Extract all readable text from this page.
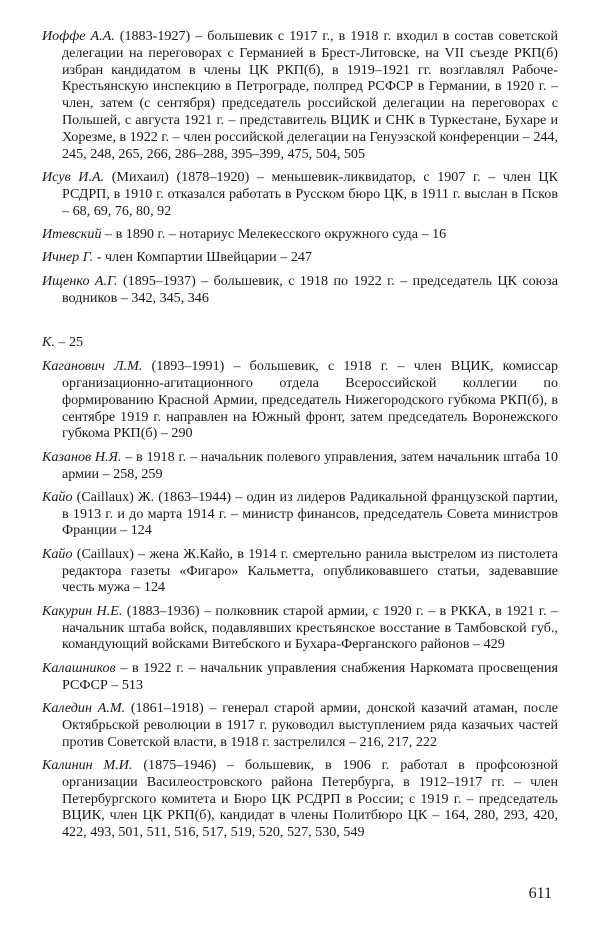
Иоффе А.А. (1883-1927) – большевик с 1917 г., в 1918 г. входил в состав советской делегации на переговорах с Германией в Брест-Литовске, на VII съезде РКП(б) избран кандидатом в члены ЦК РКП(б), в 1919–1921 гг. возглавлял Рабоче-Крестьянскую инспекцию в Петрограде, полпред РСФСР в Германии, в 1920 г. – член, затем (с сентября) председатель российской делегации на переговорах с Польшей, с августа 1921 г. – представитель ВЦИК и СНК в Туркестане, Бухаре и Хорезме, в 1922 г. – член российской делегации на Генуэзской конференции – 244, 245, 248, 265, 266, 286–288, 395–399, 475, 504, 505

Исув И.А. (Михаил) (1878–1920) – меньшевик-ликвидатор, с 1907 г. – член ЦК РСДРП, в 1910 г. отказался работать в Русском бюро ЦК, в 1911 г. выслан в Псков – 68, 69, 76, 80, 92

Итевский – в 1890 г. – нотариус Мелекесского окружного суда – 16

Ичнер Г. - член Компартии Швейцарии – 247

Ищенко А.Г. (1895–1937) – большевик, с 1918 по 1922 г. – председатель ЦК союза водников – 342, 345, 346

К. – 25

Каганович Л.М. (1893–1991) – большевик, с 1918 г. – член ВЦИК, комиссар организационно-агитационного отдела Всероссийской коллегии по формированию Красной Армии, председатель Нижегородского губкома РКП(б), в сентябре 1919 г. направлен на Южный фронт, затем председатель Воронежского губкома РКП(б) – 290

Казанов Н.Я. – в 1918 г. – начальник полевого управления, затем начальник штаба 10 армии – 258, 259

Кайо (Caillaux) Ж. (1863–1944) – один из лидеров Радикальной французской партии, в 1913 г. и до марта 1914 г. – министр финансов, председатель Совета министров Франции – 124

Кайо (Caillaux) – жена Ж.Кайо, в 1914 г. смертельно ранила выстрелом из пистолета редактора газеты «Фигаро» Кальметта, опубликовавшего статьи, задевавшие честь мужа – 124

Какурин Н.Е. (1883–1936) – полковник старой армии, с 1920 г. – в РККА, в 1921 г. – начальник штаба войск, подавлявших крестьянское восстание в Тамбовской губ., командующий войсками Витебского и Бухара-Ферганского районов – 429

Калашников – в 1922 г. – начальник управления снабжения Наркомата просвещения РСФСР – 513

Каледин А.М. (1861–1918) – генерал старой армии, донской казачий атаман, после Октябрьской революции в 1917 г. руководил выступлением ряда казачьих частей против Советской власти, в 1918 г. застрелился – 216, 217, 222

Калинин М.И. (1875–1946) – большевик, в 1906 г. работал в профсоюзной организации Василеостровского района Петербурга, в 1912–1917 гг. – член Петербургского комитета и Бюро ЦК РСДРП в России; с 1919 г. – председатель ВЦИК, член ЦК РКП(б), кандидат в члены Политбюро ЦК – 164, 280, 293, 420, 422, 493, 501, 511, 516, 517, 519, 520, 527, 530, 549

611
